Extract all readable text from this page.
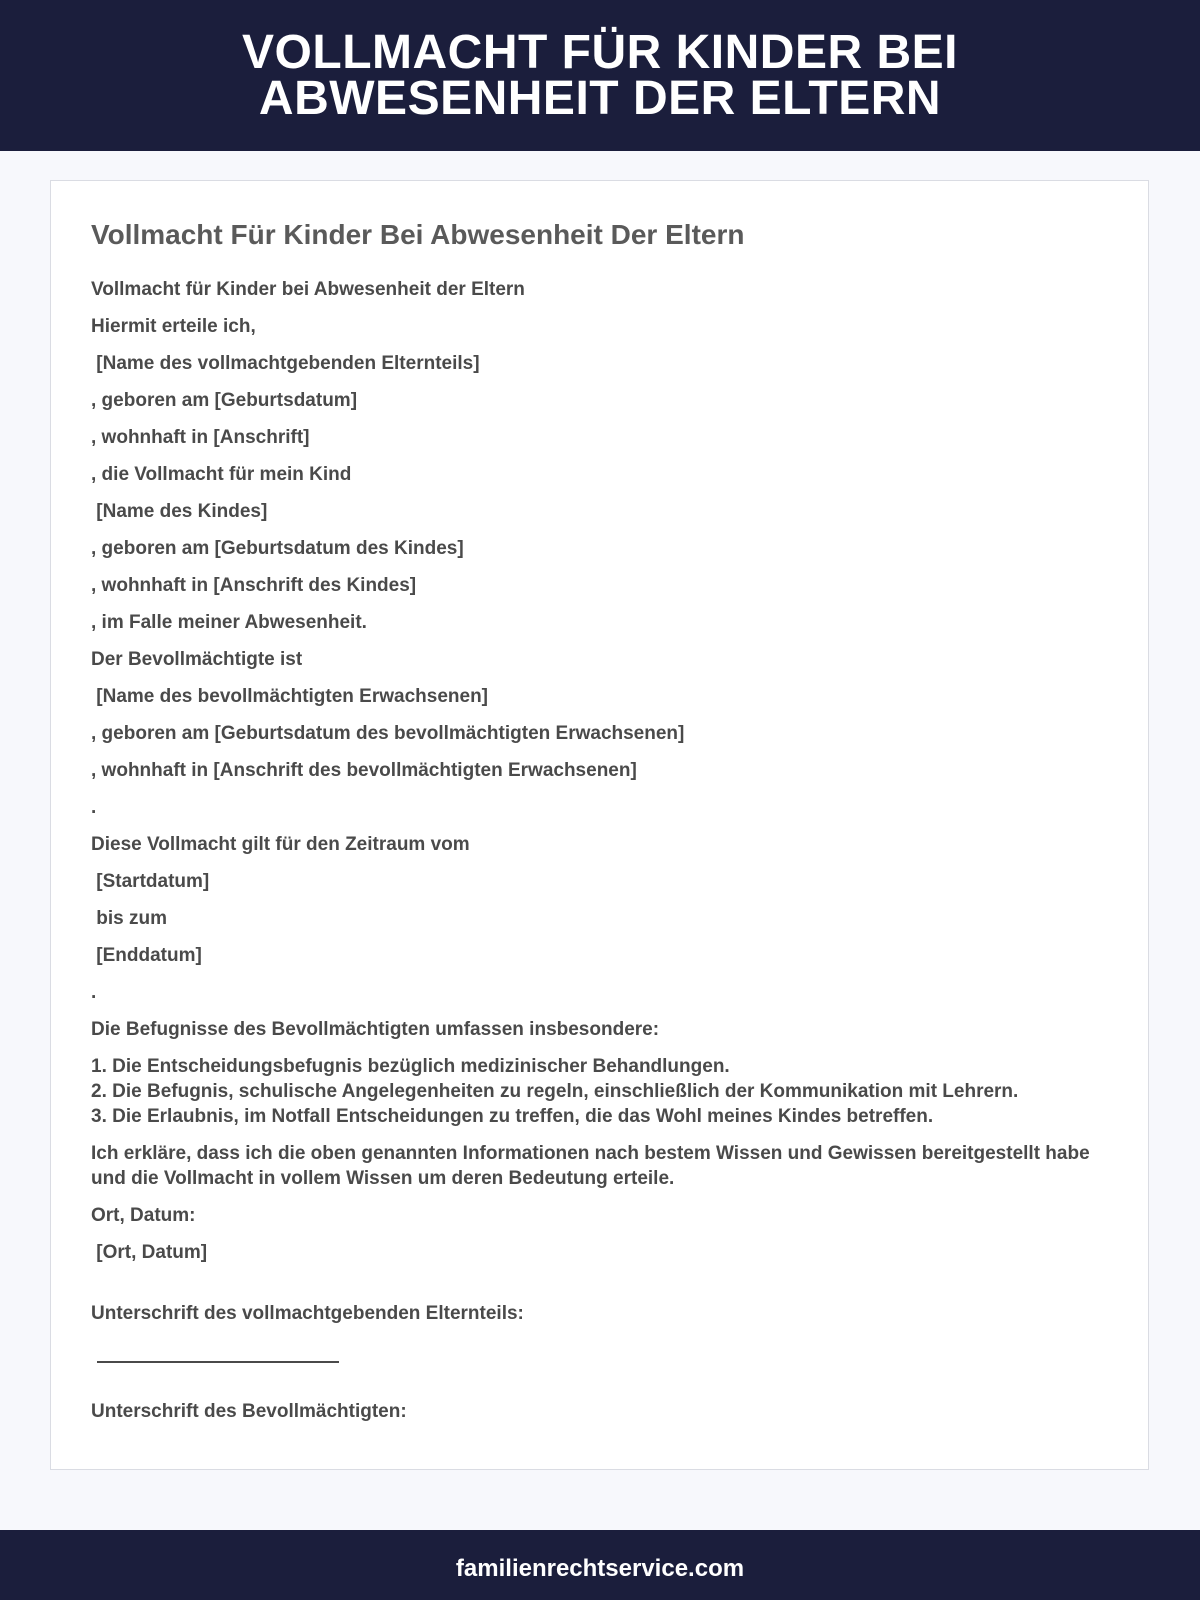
VOLLMACHT FÜR KINDER BEI ABWESENHEIT DER ELTERN
Vollmacht Für Kinder Bei Abwesenheit Der Eltern

Vollmacht für Kinder bei Abwesenheit der Eltern

Hiermit erteile ich,

[Name des vollmachtgebenden Elternteils]

, geboren am [Geburtsdatum]

, wohnhaft in [Anschrift]

, die Vollmacht für mein Kind

[Name des Kindes]

, geboren am [Geburtsdatum des Kindes]

, wohnhaft in [Anschrift des Kindes]

, im Falle meiner Abwesenheit.

Der Bevollmächtigte ist

[Name des bevollmächtigten Erwachsenen]

, geboren am [Geburtsdatum des bevollmächtigten Erwachsenen]

, wohnhaft in [Anschrift des bevollmächtigten Erwachsenen]

.

Diese Vollmacht gilt für den Zeitraum vom

[Startdatum]

bis zum

[Enddatum]

.

Die Befugnisse des Bevollmächtigten umfassen insbesondere:

1. Die Entscheidungsbefugnis bezüglich medizinischer Behandlungen.

2. Die Befugnis, schulische Angelegenheiten zu regeln, einschließlich der Kommunikation mit Lehrern.

3. Die Erlaubnis, im Notfall Entscheidungen zu treffen, die das Wohl meines Kindes betreffen.

Ich erkläre, dass ich die oben genannten Informationen nach bestem Wissen und Gewissen bereitgestellt habe und die Vollmacht in vollem Wissen um deren Bedeutung erteile.

Ort, Datum:

[Ort, Datum]

Unterschrift des vollmachtgebenden Elternteils:

Unterschrift des Bevollmächtigten:

familienrechtservice.com
